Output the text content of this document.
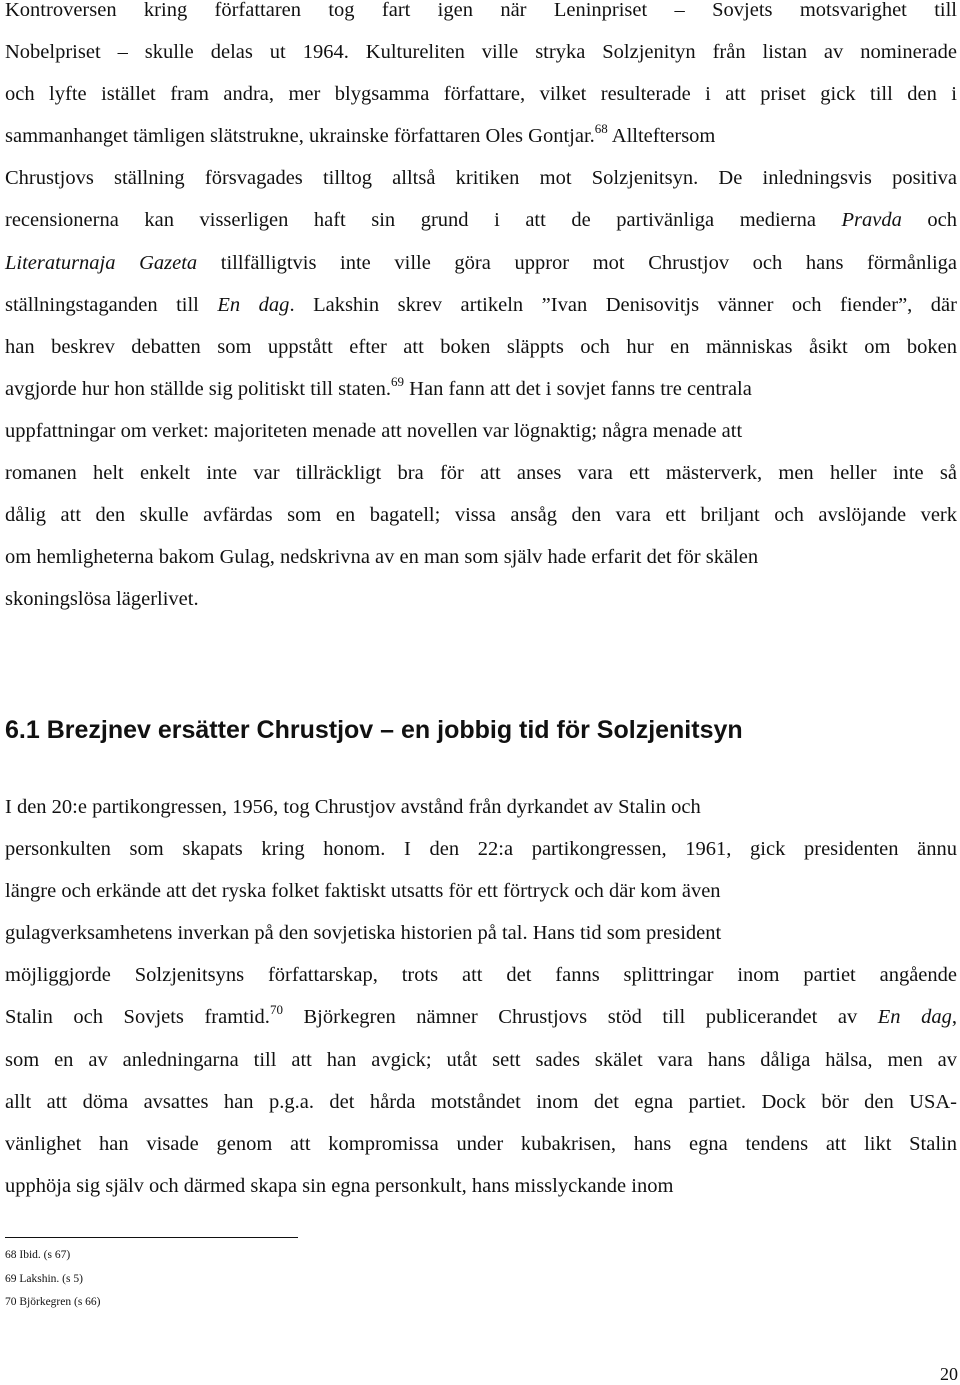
Kontroversen kring författaren tog fart igen när Leninpriset – Sovjets motsvarighet till
Nobelpriset – skulle delas ut 1964. Kultureliten ville stryka Solzjenityn från listan av nominerade
och lyfte istället fram andra, mer blygsamma författare, vilket resulterade i att priset gick till den i
sammanhanget tämligen slätstrukne, ukrainske författaren Oles Gontjar.$^{68}$ Allteftersom
Chrustjovs ställning försvagades tilltog alltså kritiken mot Solzjenitsyn. De inledningsvis positiva
recensionerna kan visserligen haft sin grund i att de partivänliga medierna Pravda och
Literaturnaja Gazeta tillfälligtvis inte ville göra uppror mot Chrustjov och hans förmånliga
ställningstaganden till En dag. Lakshin skrev artikeln ”Ivan Denisovitjs vänner och fiender”, där
han beskrev debatten som uppstått efter att boken släppts och hur en människas åsikt om boken
avgjorde hur hon ställde sig politiskt till staten.$^{69}$ Han fann att det i sovjet fanns tre centrala
uppfattningar om verket: majoriteten menade att novellen var lögnaktig; några menade att
romanen helt enkelt inte var tillräckligt bra för att anses vara ett mästerverk, men heller inte så
dålig att den skulle avfärdas som en bagatell; vissa ansåg den vara ett briljant och avslöjande verk
om hemligheterna bakom Gulag, nedskrivna av en man som själv hade erfarit det för skälen
skoningslösa lägerlivet.
6.1 Brezjnev ersätter Chrustjov – en jobbig tid för Solzjenitsyn
I den 20:e partikongressen, 1956, tog Chrustjov avstånd från dyrkandet av Stalin och
personkulten som skapats kring honom. I den 22:a partikongressen, 1961, gick presidenten ännu
längre och erkände att det ryska folket faktiskt utsatts för ett förtryck och där kom även
gulagverksamhetens inverkan på den sovjetiska historien på tal. Hans tid som president
möjliggjorde Solzjenitsyns författarskap, trots att det fanns splittringar inom partiet angående
Stalin och Sovjets framtid.$^{70}$ Björkegren nämner Chrustjovs stöd till publicerandet av En dag,
som en av anledningarna till att han avgick; utåt sett sades skälet vara hans dåliga hälsa, men av
allt att döma avsattes han p.g.a. det hårda motståndet inom det egna partiet. Dock bör den USA-
vänlighet han visade genom att kompromissa under kubakrisen, hans egna tendens att likt Stalin
upphöja sig själv och därmed skapa sin egna personkult, hans misslyckande inom
68 Ibid. (s 67)
69 Lakshin. (s 5)
70 Björkegren (s 66)
20
